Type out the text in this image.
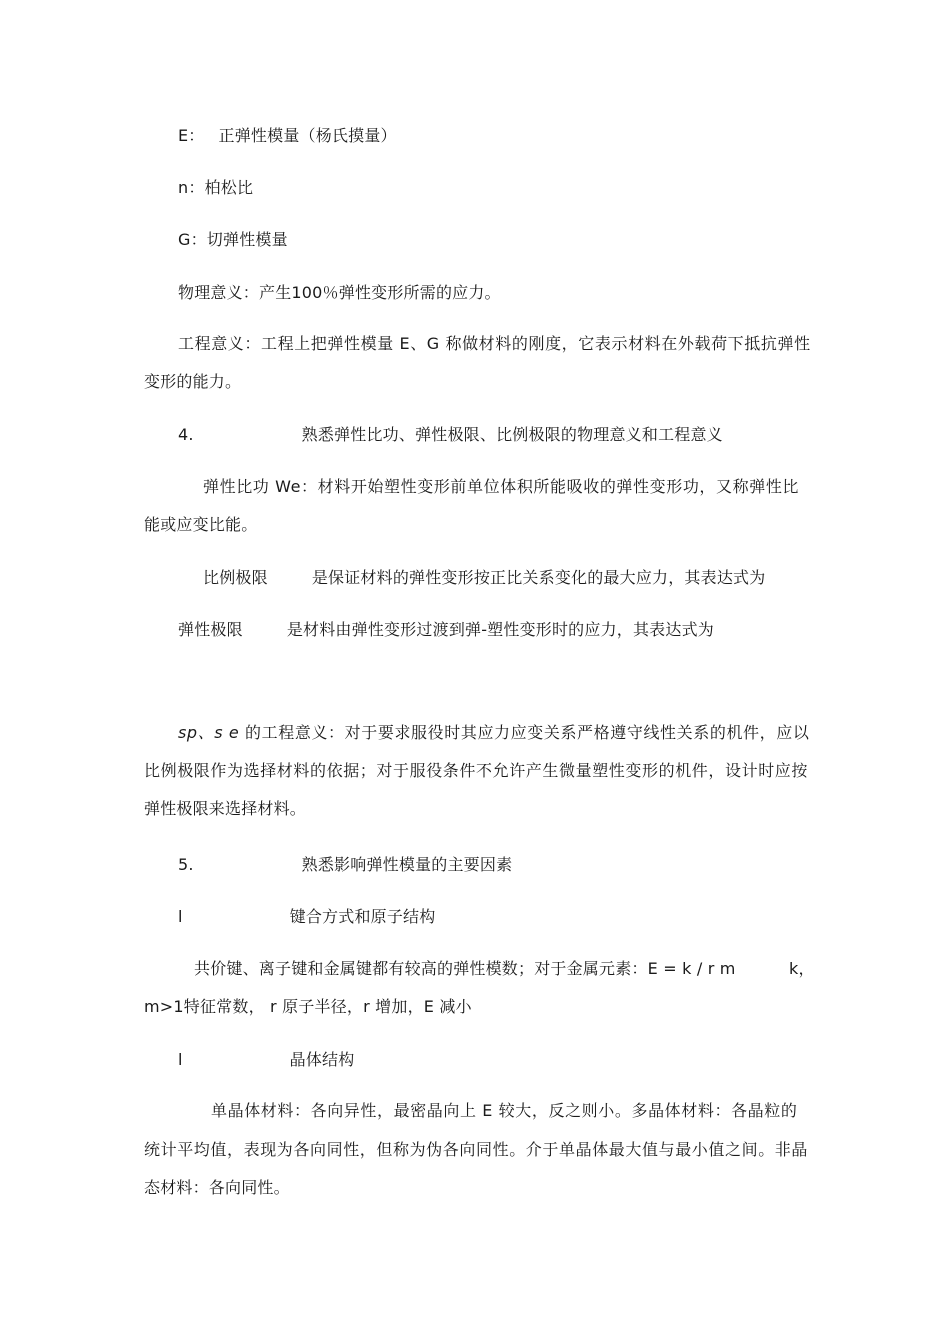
E： 正弹性模量（杨氏摸量）
n：柏松比
G：切弹性模量
物理意义：产生100％弹性变形所需的应力。
工程意义：工程上把弹性模量 E、G 称做材料的刚度，它表示材料在外载荷下抵抗弹性
变形的能力。
4.	熟悉弹性比功、弹性极限、比例极限的物理意义和工程意义
弹性比功 We：材料开始塑性变形前单位体积所能吸收的弹性变形功，又称弹性比
能或应变比能。
比例极限	是保证材料的弹性变形按正比关系变化的最大应力，其表达式为
弹性极限	是材料由弹性变形过渡到弹-塑性变形时的应力，其表达式为
sp、s e 的工程意义：对于要求服役时其应力应变关系严格遵守线性关系的机件，应以
比例极限作为选择材料的依据；对于服役条件不允许产生微量塑性变形的机件，设计时应按
弹性极限来选择材料。
5.	熟悉影响弹性模量的主要因素
l	键合方式和原子结构
共价键、离子键和金属键都有较高的弹性模数；对于金属元素：E = k / r m	k，
m>1特征常数， r 原子半径，r 增加，E 减小
l	晶体结构
单晶体材料：各向异性，最密晶向上 E 较大，反之则小。多晶体材料：各晶粒的
统计平均值，表现为各向同性，但称为伪各向同性。介于单晶体最大值与最小值之间。非晶
态材料：各向同性。
